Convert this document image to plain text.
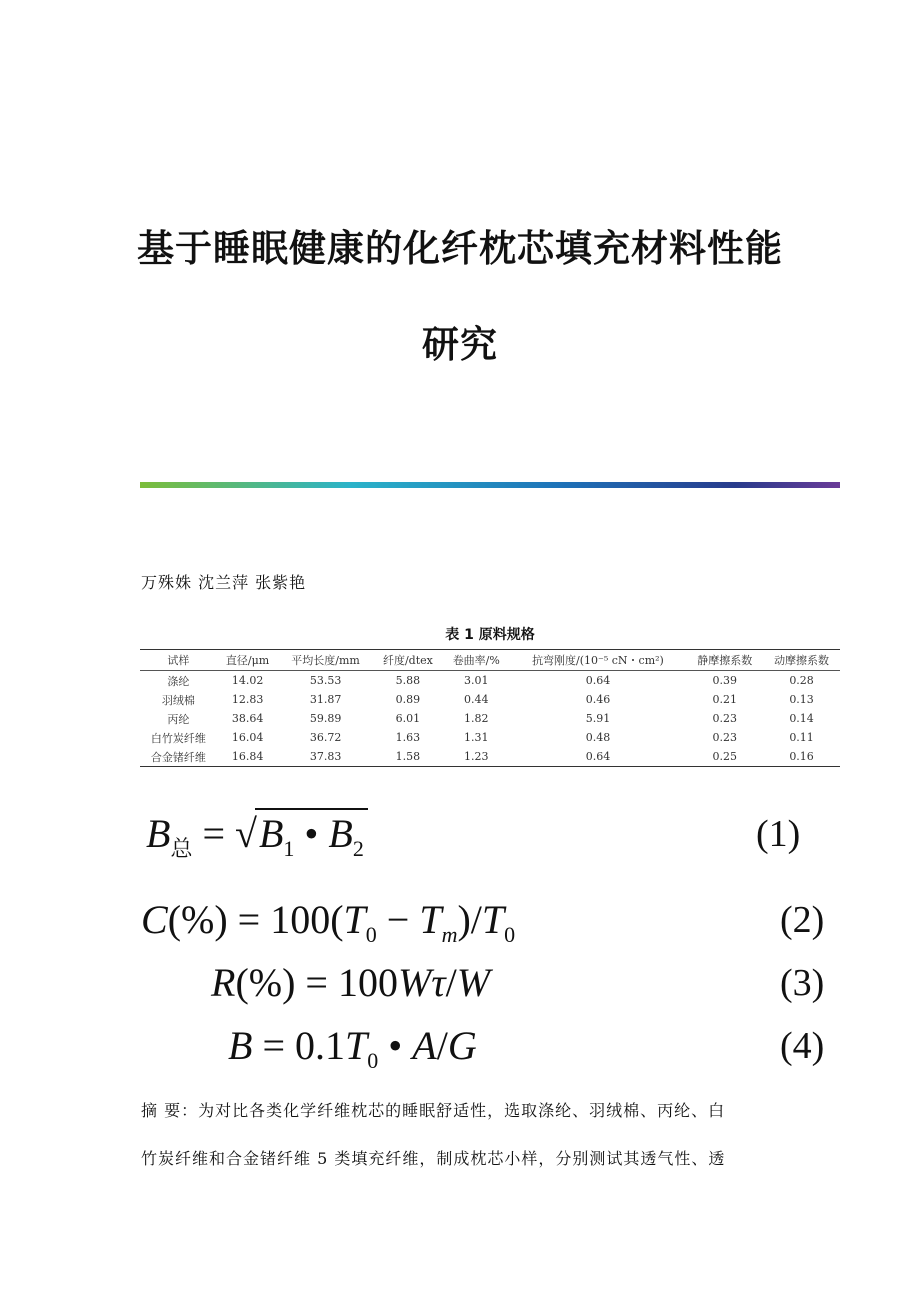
基于睡眠健康的化纤枕芯填充材料性能
研究
万殊姝 沈兰萍 张紫艳
表 1 原料规格
试样	直径/μm	平均长度/mm	纤度/dtex	卷曲率/%	抗弯刚度/(10⁻⁵ cN・cm²)	静摩擦系数	动摩擦系数
涤纶	14.02	53.53	5.88	3.01	0.64	0.39	0.28
羽绒棉	12.83	31.87	0.89	0.44	0.46	0.21	0.13
丙纶	38.64	59.89	6.01	1.82	5.91	0.23	0.14
白竹炭纤维	16.04	36.72	1.63	1.31	0.48	0.23	0.11
合金锗纤维	16.84	37.83	1.58	1.23	0.64	0.25	0.16
$B_总 = √B_1$ • $B_2$	(1)
$C(\%) = 100(T_0 - T_m)/T_0$	(2)
R(%) = 100Wτ/W	(3)
$B = 0.1T_0$ • A/G	(4)
摘 要：为对比各类化学纤维枕芯的睡眠舒适性，选取涤纶、羽绒棉、丙纶、白
竹炭纤维和合金锗纤维 5 类填充纤维，制成枕芯小样，分别测试其透气性、透
